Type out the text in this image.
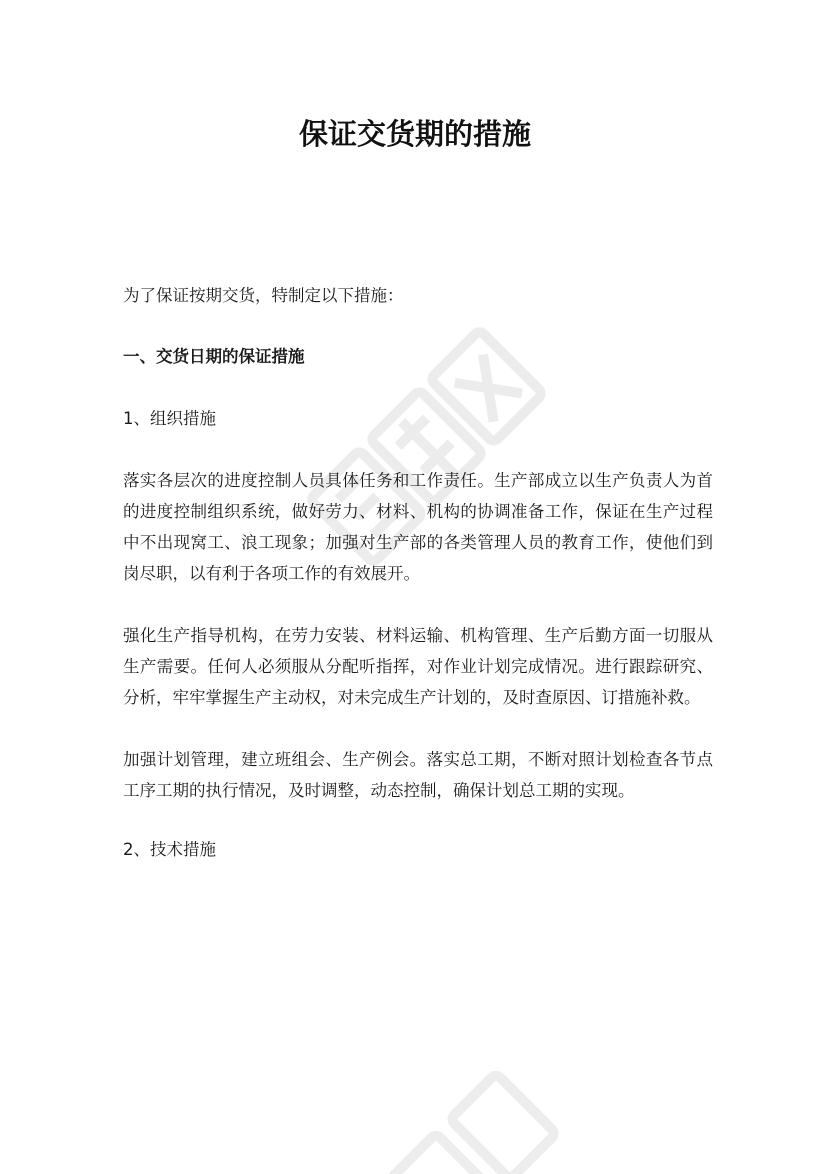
保证交货期的措施

为了保证按期交货，特制定以下措施：

一、交货日期的保证措施

1、组织措施

落实各层次的进度控制人员具体任务和工作责任。生产部成立以生产负责人为首的进度控制组织系统，做好劳力、材料、机构的协调准备工作，保证在生产过程中不出现窝工、浪工现象；加强对生产部的各类管理人员的教育工作，使他们到岗尽职，以有利于各项工作的有效展开。

强化生产指导机构，在劳力安装、材料运输、机构管理、生产后勤方面一切服从生产需要。任何人必须服从分配听指挥，对作业计划完成情况。进行跟踪研究、分析，牢牢掌握生产主动权，对未完成生产计划的，及时查原因、订措施补救。

加强计划管理，建立班组会、生产例会。落实总工期，不断对照计划检查各节点工序工期的执行情况，及时调整，动态控制，确保计划总工期的实现。

2、技术措施
